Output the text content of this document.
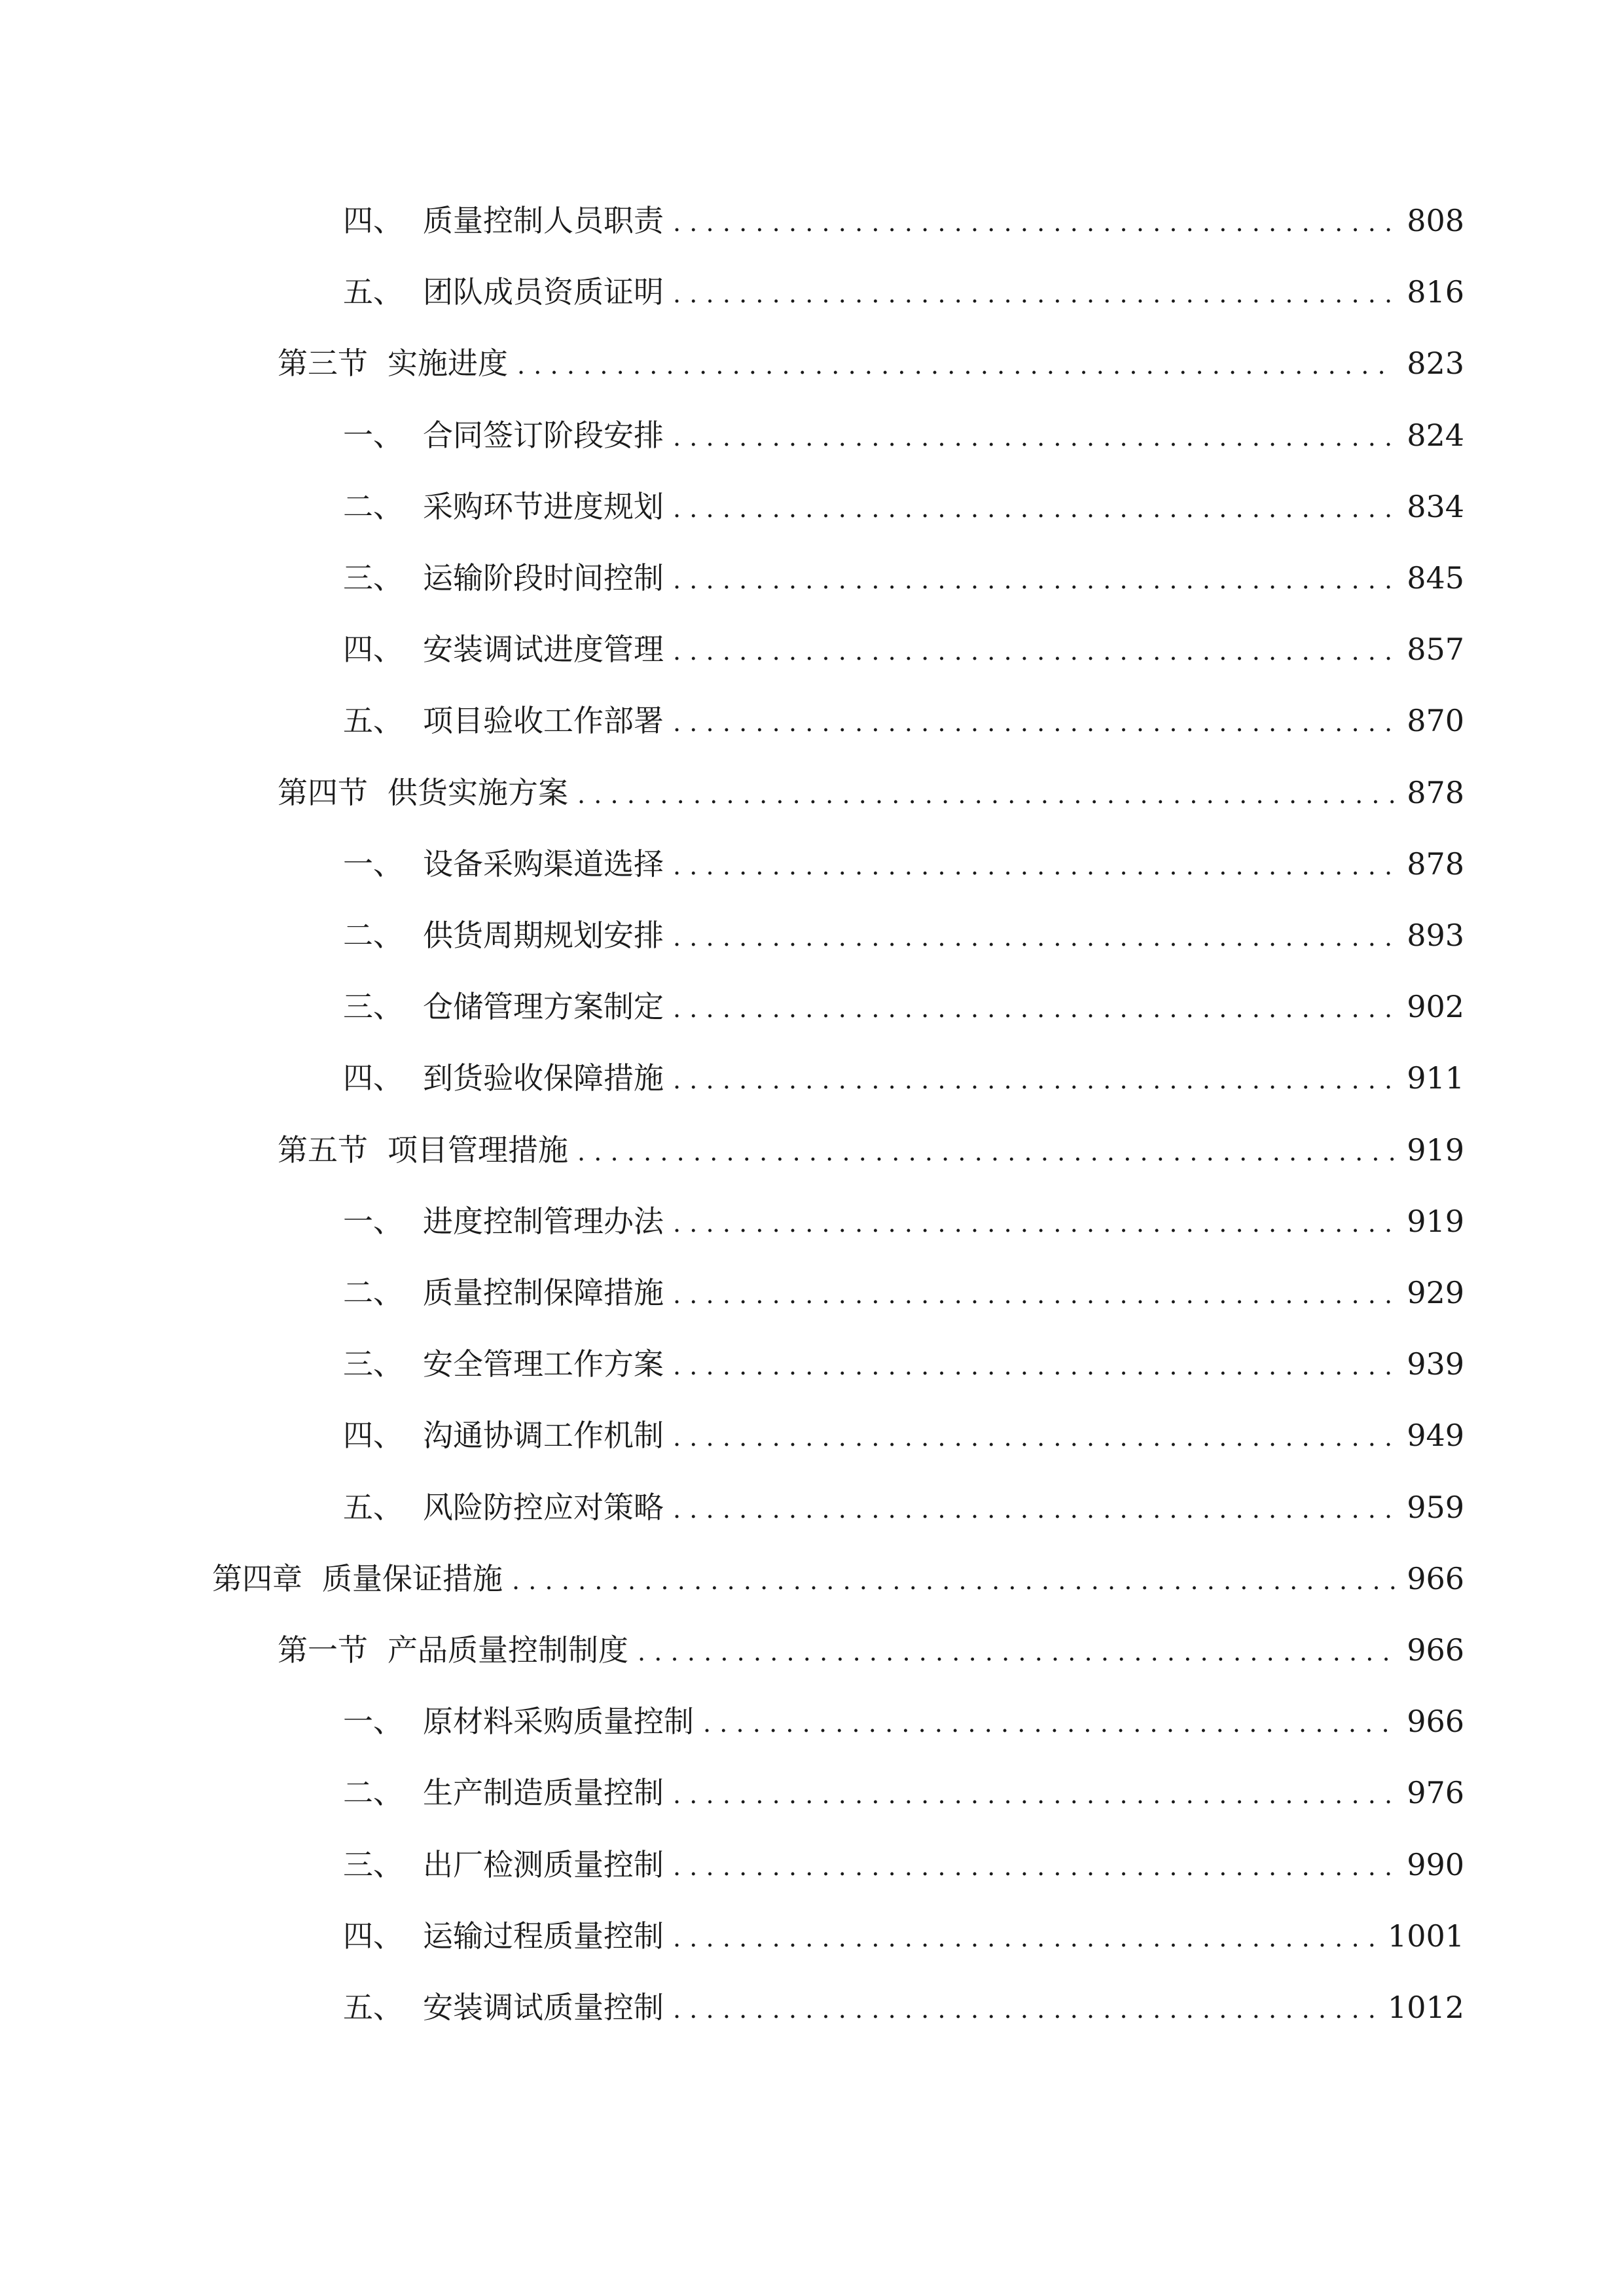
四、 质量控制人员职责 .....	808
五、 团队成员资质证明 .....	816
第三节 实施进度 .....	823
一、 合同签订阶段安排 .....	824
二、 采购环节进度规划 .....	834
三、 运输阶段时间控制 .....	845
四、 安装调试进度管理 .....	857
五、 项目验收工作部署 .....	870
第四节 供货实施方案 .....	878
一、 设备采购渠道选择 .....	878
二、 供货周期规划安排 .....	893
三、 仓储管理方案制定 .....	902
四、 到货验收保障措施 .....	911
第五节 项目管理措施 .....	919
一、 进度控制管理办法 .....	919
二、 质量控制保障措施 .....	929
三、 安全管理工作方案 .....	939
四、 沟通协调工作机制 .....	949
五、 风险防控应对策略 .....	959
第四章 质量保证措施 .....	966
第一节 产品质量控制制度 .....	966
一、 原材料采购质量控制 .....	966
二、 生产制造质量控制 .....	976
三、 出厂检测质量控制 .....	990
四、 运输过程质量控制 .....	1001
五、 安装调试质量控制 .....	1012
